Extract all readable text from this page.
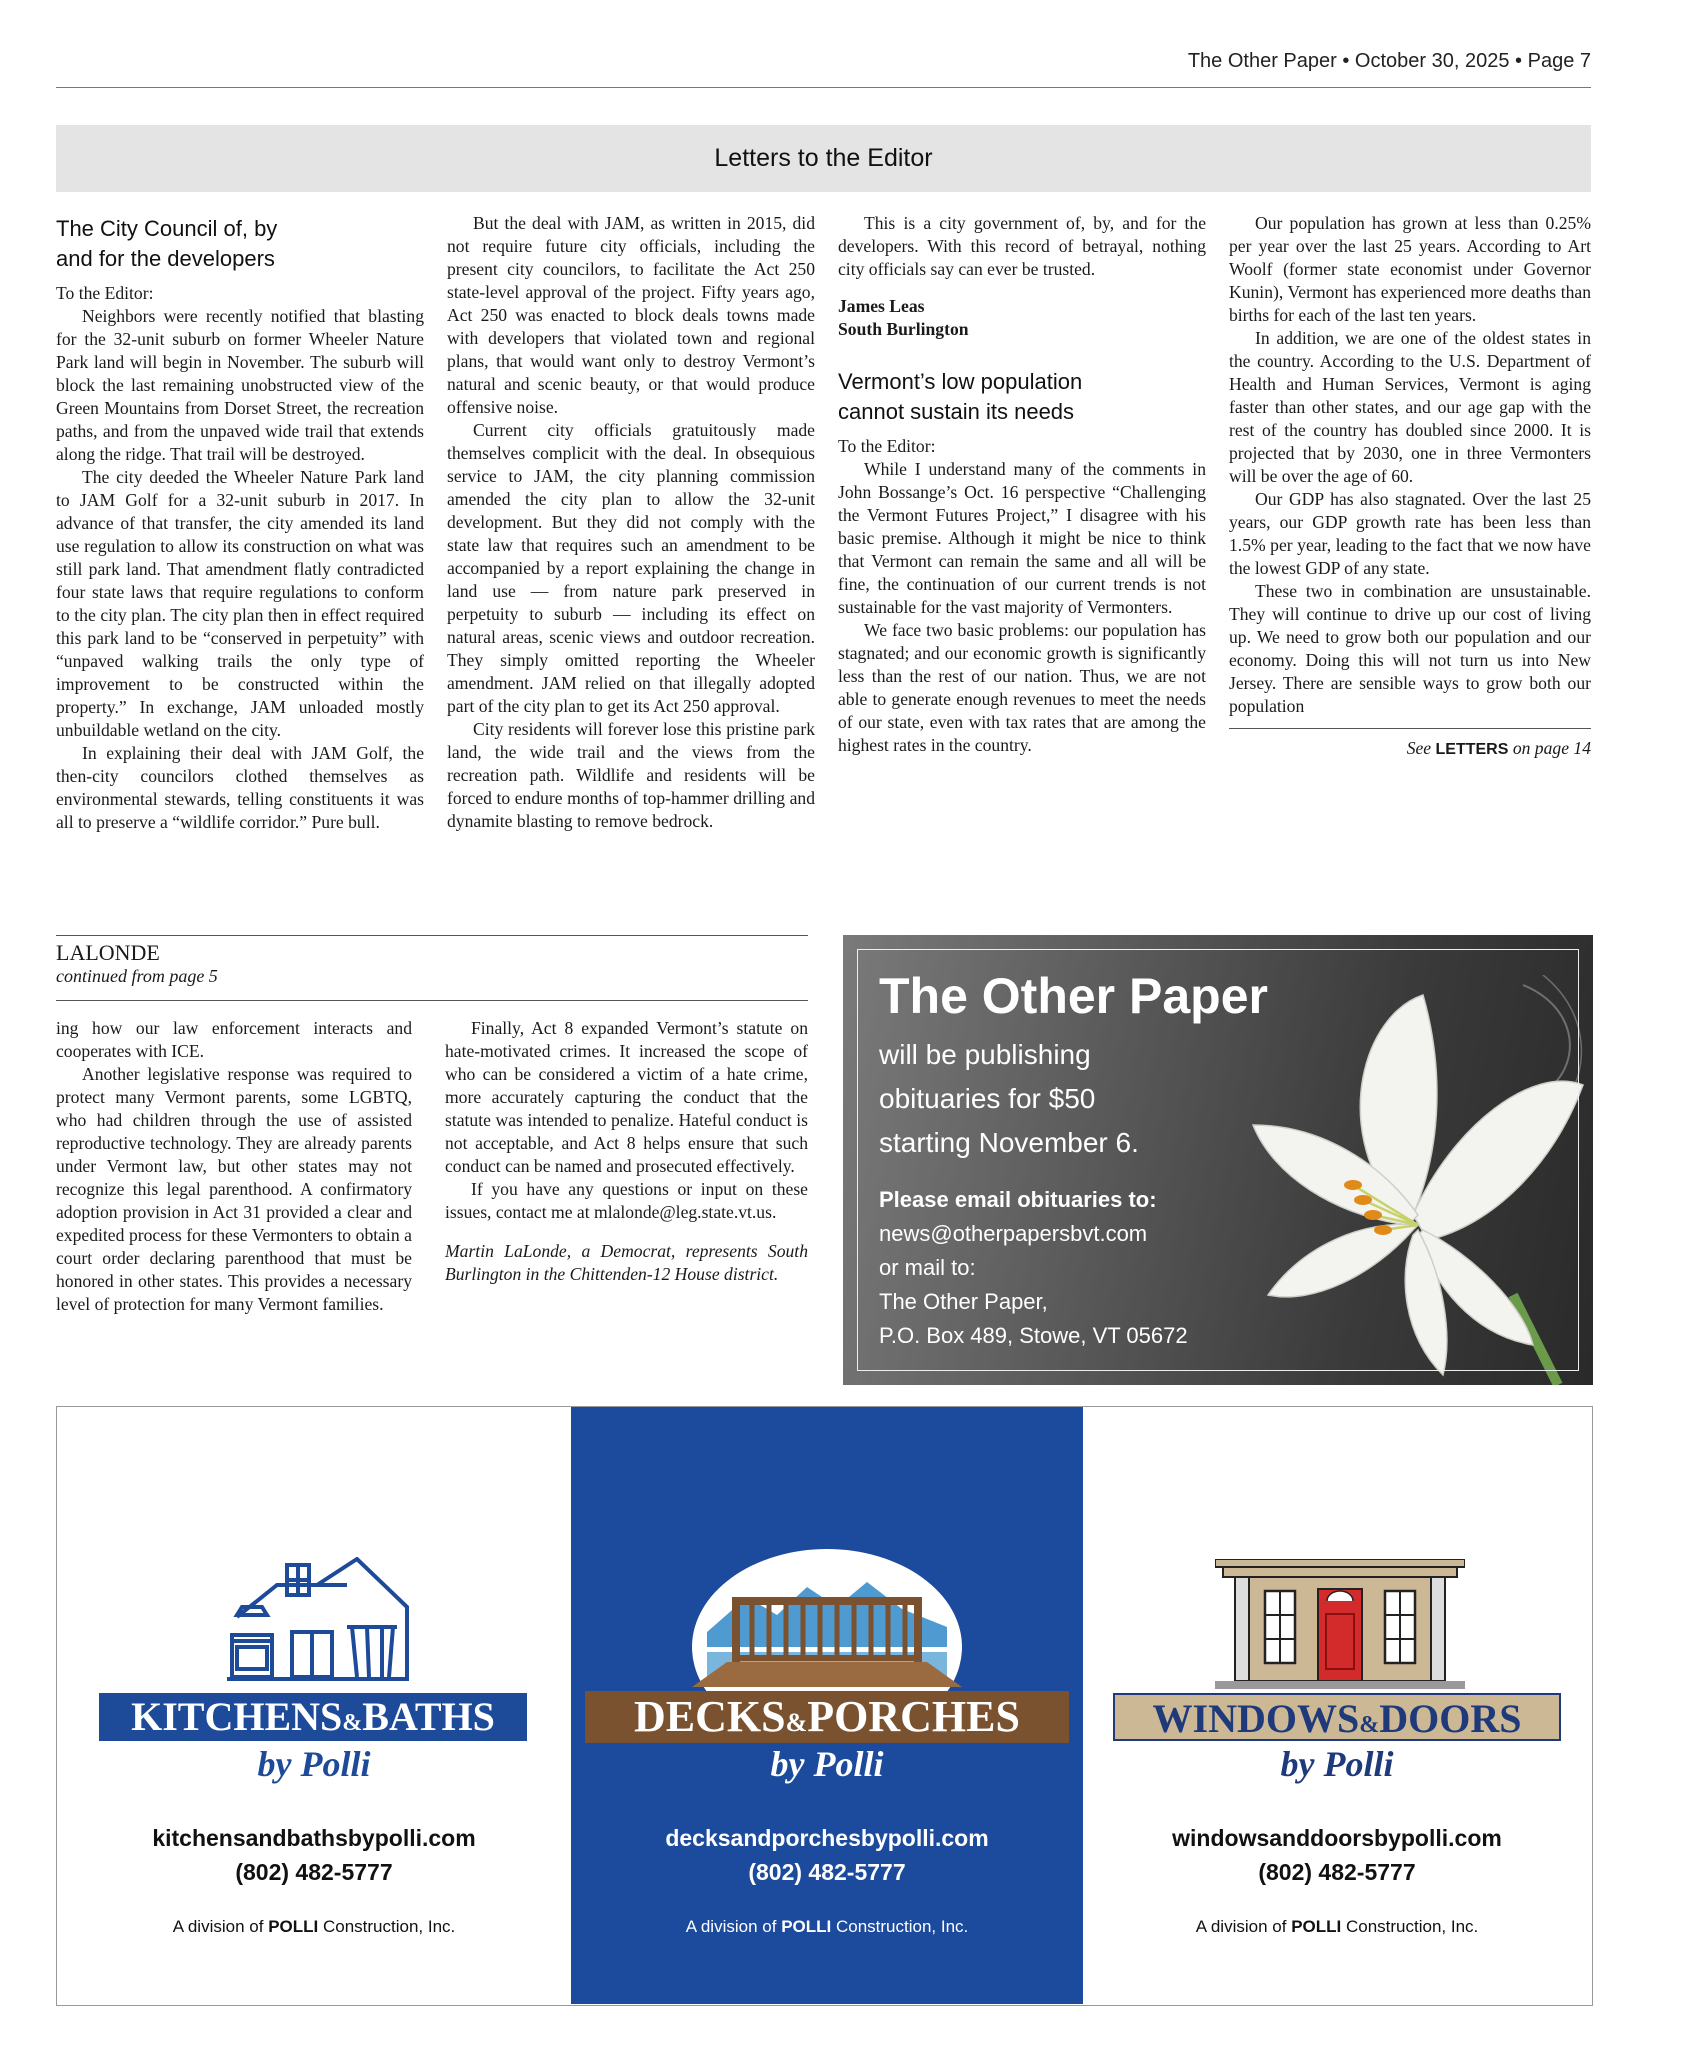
The Other Paper • October 30, 2025 • Page 7
Letters to the Editor
The City Council of, by
and for the developers

To the Editor:

Neighbors were recently notified that blasting for the 32-unit suburb on former Wheeler Nature Park land will begin in November. The suburb will block the last remaining unobstructed view of the Green Mountains from Dorset Street, the recreation paths, and from the unpaved wide trail that extends along the ridge. That trail will be destroyed.

The city deeded the Wheeler Nature Park land to JAM Golf for a 32-unit suburb in 2017. In advance of that transfer, the city amended its land use regulation to allow its construction on what was still park land. That amendment flatly contradicted four state laws that require regulations to conform to the city plan. The city plan then in effect required this park land to be “conserved in perpetuity” with “unpaved walking trails the only type of improvement to be constructed within the property.” In exchange, JAM unloaded mostly unbuildable wetland on the city.

In explaining their deal with JAM Golf, the then-city councilors clothed themselves as environmental stewards, telling constituents it was all to preserve a “wildlife corridor.” Pure bull.

But the deal with JAM, as written in 2015, did not require future city officials, including the present city councilors, to facilitate the Act 250 state-level approval of the project. Fifty years ago, Act 250 was enacted to block deals towns made with developers that violated town and regional plans, that would want only to destroy Vermont’s natural and scenic beauty, or that would produce offensive noise.

Current city officials gratuitously made themselves complicit with the deal. In obsequious service to JAM, the city planning commission amended the city plan to allow the 32-unit development. But they did not comply with the state law that requires such an amendment to be accompanied by a report explaining the change in land use — from nature park preserved in perpetuity to suburb — including its effect on natural areas, scenic views and outdoor recreation. They simply omitted reporting the Wheeler amendment. JAM relied on that illegally adopted part of the city plan to get its Act 250 approval.

City residents will forever lose this pristine park land, the wide trail and the views from the recreation path. Wildlife and residents will be forced to endure months of top-hammer drilling and dynamite blasting to remove bedrock.

This is a city government of, by, and for the developers. With this record of betrayal, nothing city officials say can ever be trusted.

James Leas
South Burlington

Vermont’s low population
cannot sustain its needs

To the Editor:

While I understand many of the comments in John Bossange’s Oct. 16 perspective “Challenging the Vermont Futures Project,” I disagree with his basic premise. Although it might be nice to think that Vermont can remain the same and all will be fine, the continuation of our current trends is not sustainable for the vast majority of Vermonters.

We face two basic problems: our population has stagnated; and our economic growth is significantly less than the rest of our nation. Thus, we are not able to generate enough revenues to meet the needs of our state, even with tax rates that are among the highest rates in the country.

Our population has grown at less than 0.25% per year over the last 25 years. According to Art Woolf (former state economist under Governor Kunin), Vermont has experienced more deaths than births for each of the last ten years.

In addition, we are one of the oldest states in the country. According to the U.S. Department of Health and Human Services, Vermont is aging faster than other states, and our age gap with the rest of the country has doubled since 2000. It is projected that by 2030, one in three Vermonters will be over the age of 60.

Our GDP has also stagnated. Over the last 25 years, our GDP growth rate has been less than 1.5% per year, leading to the fact that we now have the lowest GDP of any state.

These two in combination are unsustainable. They will continue to drive up our cost of living up. We need to grow both our population and our economy. Doing this will not turn us into New Jersey. There are sensible ways to grow both our population

See LETTERS on page 14
LALONDE
continued from page 5

ing how our law enforcement interacts and cooperates with ICE.

Another legislative response was required to protect many Vermont parents, some LGBTQ, who had children through the use of assisted reproductive technology. They are already parents under Vermont law, but other states may not recognize this legal parenthood. A confirmatory adoption provision in Act 31 provided a clear and expedited process for these Vermonters to obtain a court order declaring parenthood that must be honored in other states. This provides a necessary level of protection for many Vermont families.

Finally, Act 8 expanded Vermont’s statute on hate-motivated crimes. It increased the scope of who can be considered a victim of a hate crime, more accurately capturing the conduct that the statute was intended to penalize. Hateful conduct is not acceptable, and Act 8 helps ensure that such conduct can be named and prosecuted effectively.

If you have any questions or input on these issues, contact me at mlalonde@leg.state.vt.us.

Martin LaLonde, a Democrat, represents South Burlington in the Chittenden-12 House district.

The Other Paper
will be publishing
obituaries for $50
starting November 6.
Please email obituaries to:
news@otherpapersbvt.com
or mail to:
The Other Paper,
P.O. Box 489, Stowe, VT 05672
KITCHENS&BATHS
by Polli
kitchensandbathsbypolli.com
(802) 482-5777
A division of POLLI Construction, Inc.
DECKS&PORCHES
by Polli
decksandporchesbypolli.com
(802) 482-5777
A division of POLLI Construction, Inc.
WINDOWS&DOORS
by Polli
windowsanddoorsbypolli.com
(802) 482-5777
A division of POLLI Construction, Inc.
